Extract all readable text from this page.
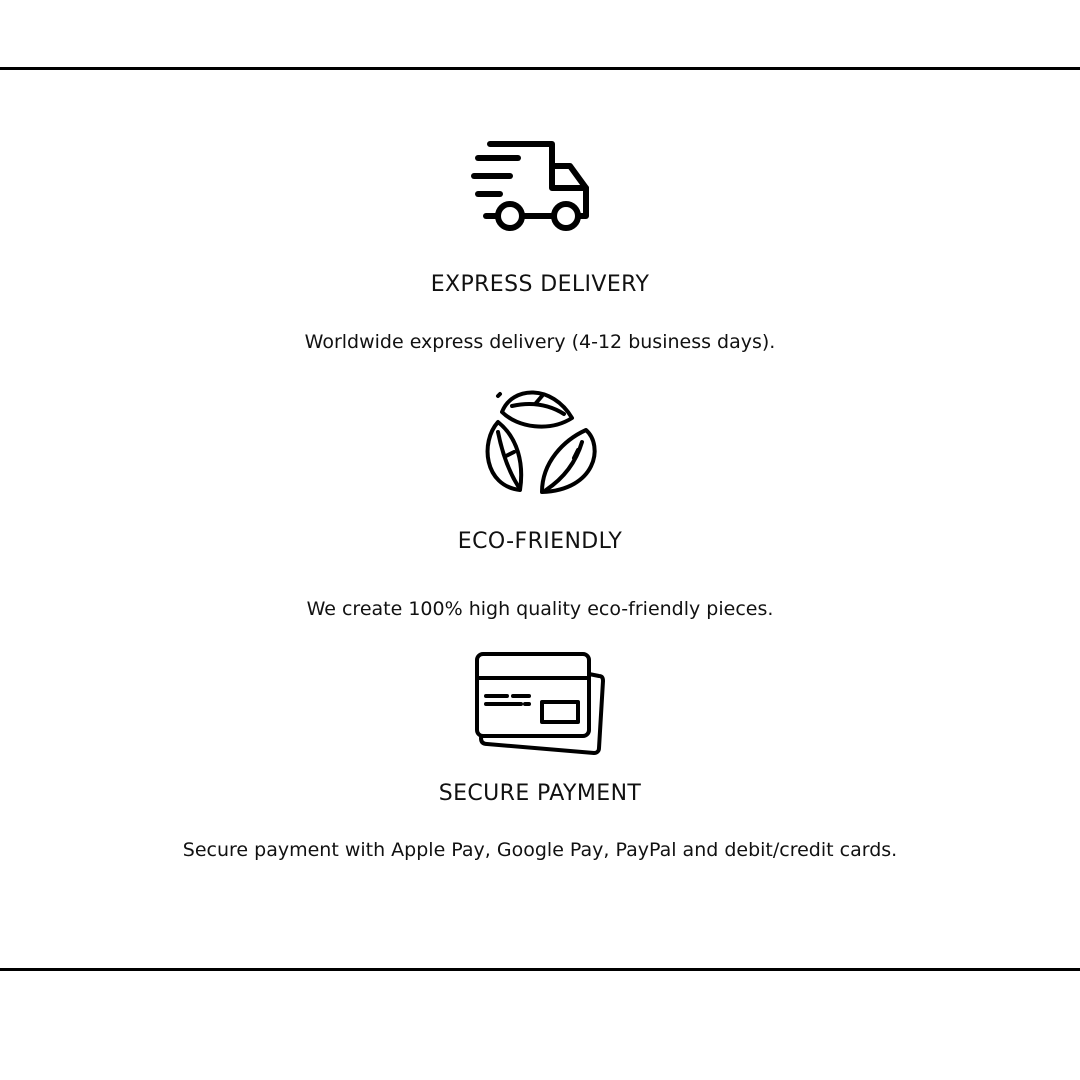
EXPRESS DELIVERY
Worldwide express delivery (4-12 business days).
ECO-FRIENDLY
We create 100% high quality eco-friendly pieces.
SECURE PAYMENT
Secure payment with Apple Pay, Google Pay, PayPal and debit/credit cards.
